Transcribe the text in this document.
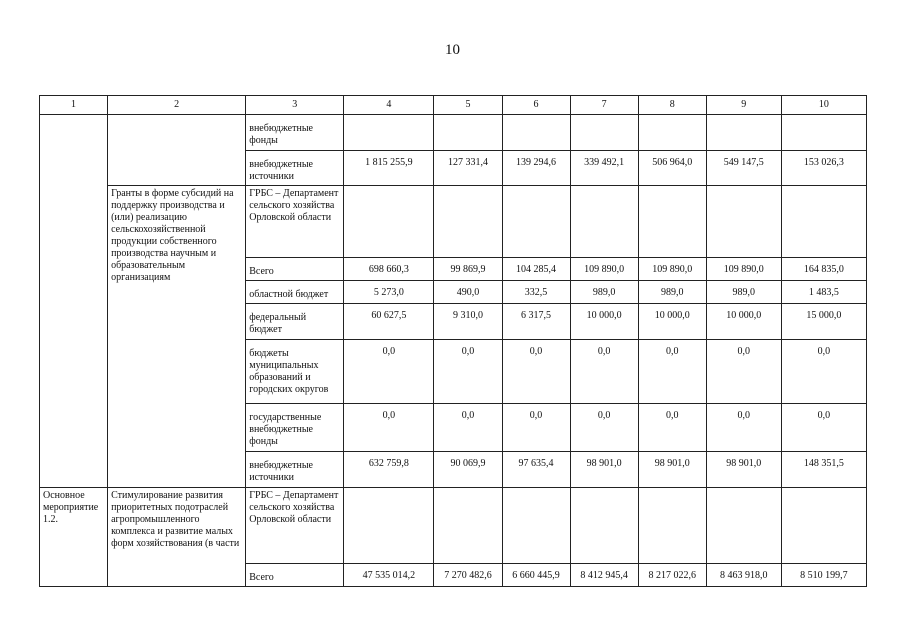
10
1	2	3	4	5	6	7	8	9	10
		внебюджетные фонды							
		внебюджетные источники	1 815 255,9	127 331,4	139 294,6	339 492,1	506 964,0	549 147,5	153 026,3
	Гранты в форме субсидий на поддержку производства и (или) реализацию сельскохозяйственной продукции собственного производства научным и образовательным организациям	ГРБС – Департамент сельского хозяйства Орловской области							
		Всего	698 660,3	99 869,9	104 285,4	109 890,0	109 890,0	109 890,0	164 835,0
		областной бюджет	5 273,0	490,0	332,5	989,0	989,0	989,0	1 483,5
		федеральный бюджет	60 627,5	9 310,0	6 317,5	10 000,0	10 000,0	10 000,0	15 000,0
		бюджеты муниципальных образований и городских округов	0,0	0,0	0,0	0,0	0,0	0,0	0,0
		государственные внебюджетные фонды	0,0	0,0	0,0	0,0	0,0	0,0	0,0
		внебюджетные источники	632 759,8	90 069,9	97 635,4	98 901,0	98 901,0	98 901,0	148 351,5
Основное мероприятие 1.2.	Стимулирование развития приоритетных подотраслей агропромышленного комплекса и развитие малых форм хозяйствования (в части	ГРБС – Департамент сельского хозяйства Орловской области							
		Всего	47 535 014,2	7 270 482,6	6 660 445,9	8 412 945,4	8 217 022,6	8 463 918,0	8 510 199,7
